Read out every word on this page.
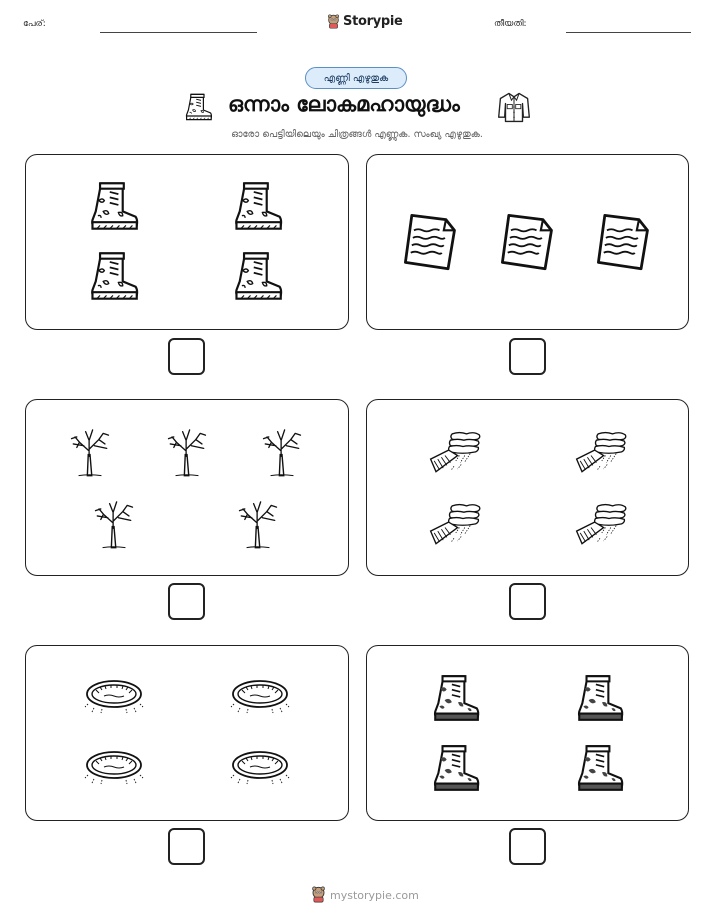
പേര്:	Storypie	തീയതി:
എണ്ണി എഴുതുക
ഒന്നാം ലോകമഹായുദ്ധം
ഓരോ പെട്ടിയിലെയും ചിത്രങ്ങൾ എണ്ണുക. സംഖ്യ എഴുതുക.
mystorypie.com
